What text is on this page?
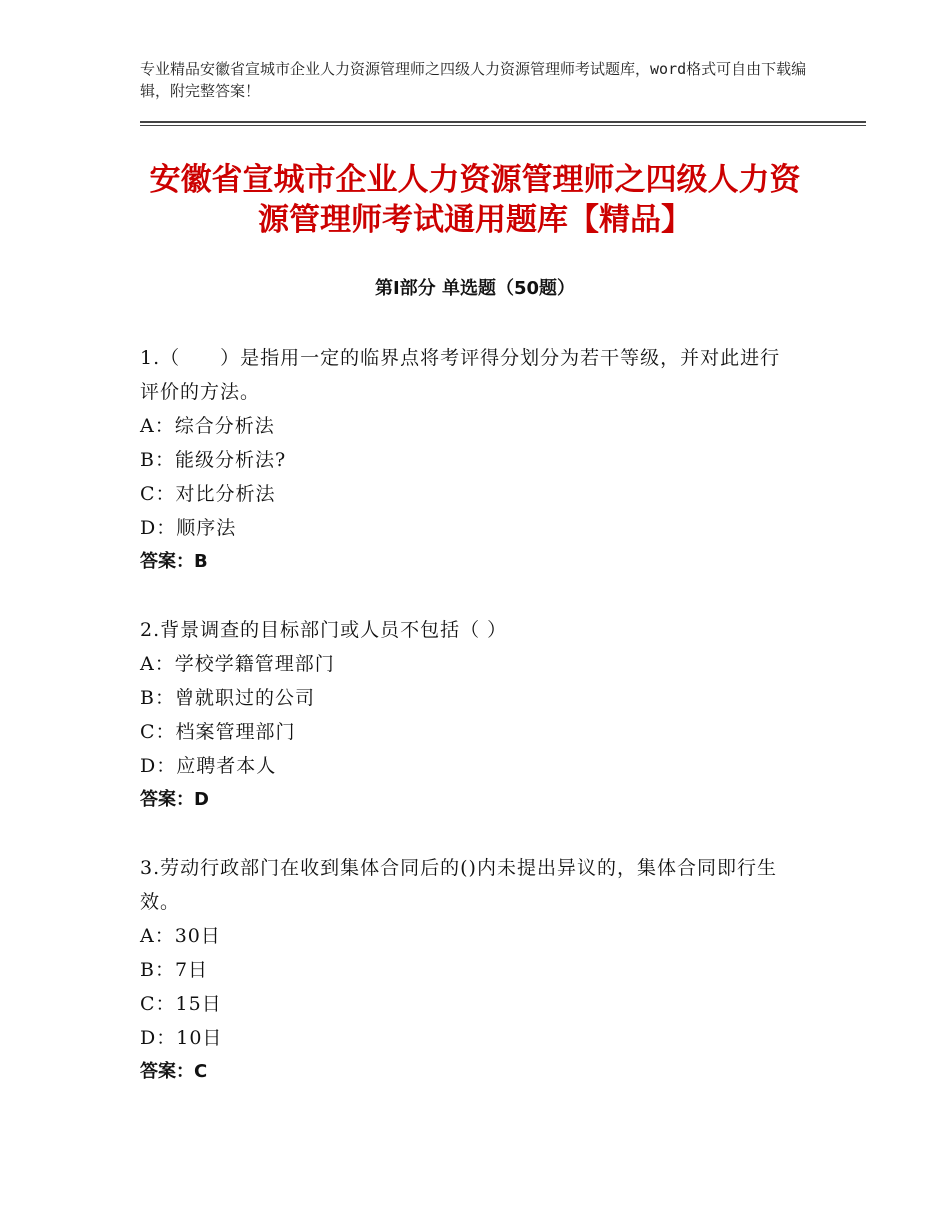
专业精品安徽省宣城市企业人力资源管理师之四级人力资源管理师考试题库，word格式可自由下载编辑，附完整答案！
安徽省宣城市企业人力资源管理师之四级人力资源管理师考试通用题库【精品】
第Ⅰ部分 单选题（50题）
1.（　　）是指用一定的临界点将考评得分划分为若干等级，并对此进行评价的方法。
A：综合分析法
B：能级分析法?
C：对比分析法
D：顺序法
答案：B
2.背景调查的目标部门或人员不包括（ ）
A：学校学籍管理部门
B：曾就职过的公司
C：档案管理部门
D：应聘者本人
答案：D
3.劳动行政部门在收到集体合同后的()内未提出异议的，集体合同即行生效。
A：30日
B：7日
C：15日
D：10日
答案：C
